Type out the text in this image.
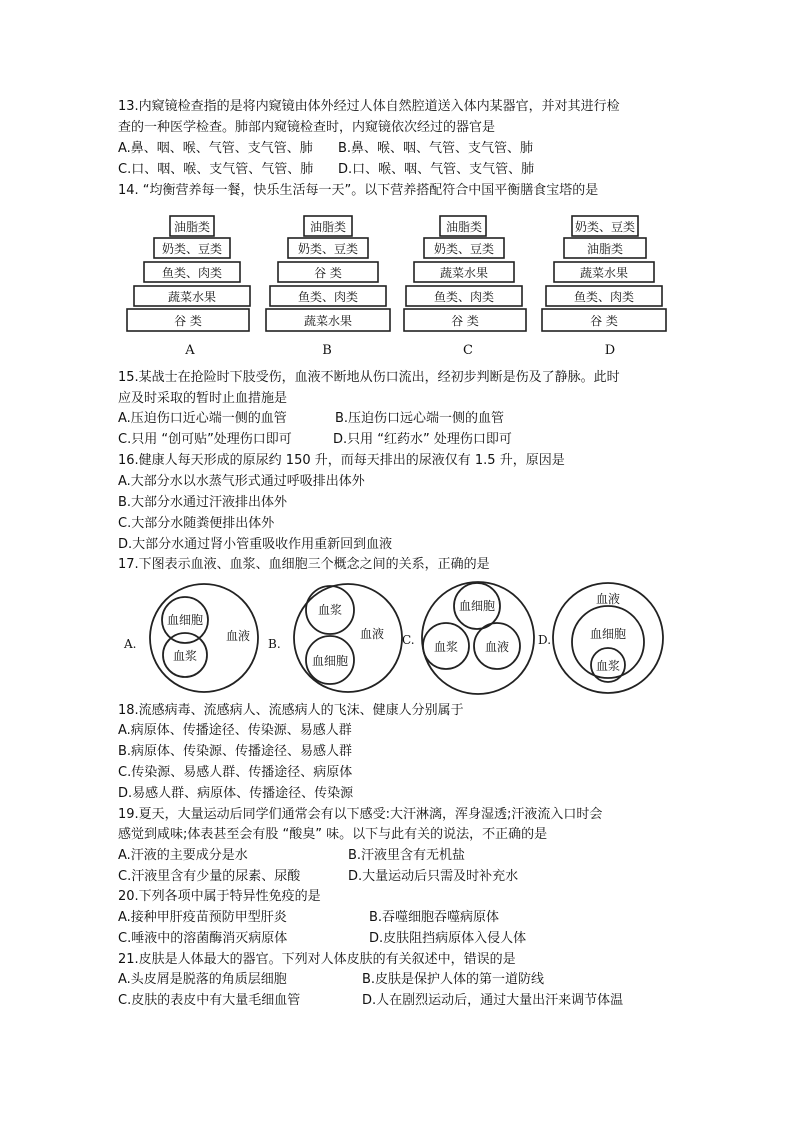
13.内窥镜检查指的是将内窥镜由体外经过人体自然腔道送入体内某器官，并对其进行检
查的一种医学检查。肺部内窥镜检查时，内窥镜依次经过的器官是
A.鼻、咽、喉、气管、支气管、肺 B.鼻、喉、咽、气管、支气管、肺
C.口、咽、喉、支气管、气管、肺 D.口、喉、咽、气管、支气管、肺
14. “均衡营养每一餐，快乐生活每一天”。以下营养搭配符合中国平衡膳食宝塔的是
油脂类
奶类、豆类
鱼类、肉类
蔬菜水果
谷 类
油脂类
奶类、豆类
谷 类
鱼类、肉类
蔬菜水果
油脂类
奶类、豆类
蔬菜水果
鱼类、肉类
谷 类
奶类、豆类
油脂类
蔬菜水果
鱼类、肉类
谷 类
A	B	C	D
15.某战士在抢险时下肢受伤，血液不断地从伤口流出，经初步判断是伤及了静脉。此时
应及时采取的暂时止血措施是
A.压迫伤口近心端一侧的血管	B.压迫伤口远心端一侧的血管
C.只用 “创可贴”处理伤口即可	D.只用 “红药水” 处理伤口即可
16.健康人每天形成的原尿约 150 升，而每天排出的尿液仅有 1.5 升，原因是
A.大部分水以水蒸气形式通过呼吸排出体外
B.大部分水通过汗液排出体外
C.大部分水随粪便排出体外
D.大部分水通过肾小管重吸收作用重新回到血液
17.下图表示血液、血浆、血细胞三个概念之间的关系，正确的是
A.
血细胞
血浆
血液
B.
血浆
血细胞
血液 C.
血细胞
血浆 血液 D.
血液
血细胞
血浆
18.流感病毒、流感病人、流感病人的飞沫、健康人分别属于
A.病原体、传播途径、传染源、易感人群
B.病原体、传染源、传播途径、易感人群
C.传染源、易感人群、传播途径、病原体
D.易感人群、病原体、传播途径、传染源
19.夏天，大量运动后同学们通常会有以下感受:大汗淋漓，浑身湿透;汗液流入口时会
感觉到咸味;体表甚至会有股 “酸臭” 味。以下与此有关的说法，不正确的是
A.汗液的主要成分是水	B.汗液里含有无机盐
C.汗液里含有少量的尿素、尿酸	D.大量运动后只需及时补充水
20.下列各项中属于特异性免疫的是
A.接种甲肝疫苗预防甲型肝炎	B.吞噬细胞吞噬病原体
C.唾液中的溶菌酶消灭病原体	D.皮肤阻挡病原体入侵人体
21.皮肤是人体最大的器官。下列对人体皮肤的有关叙述中，错误的是
A.头皮屑是脱落的角质层细胞	B.皮肤是保护人体的第一道防线
C.皮肤的表皮中有大量毛细血管	D.人在剧烈运动后，通过大量出汗来调节体温
